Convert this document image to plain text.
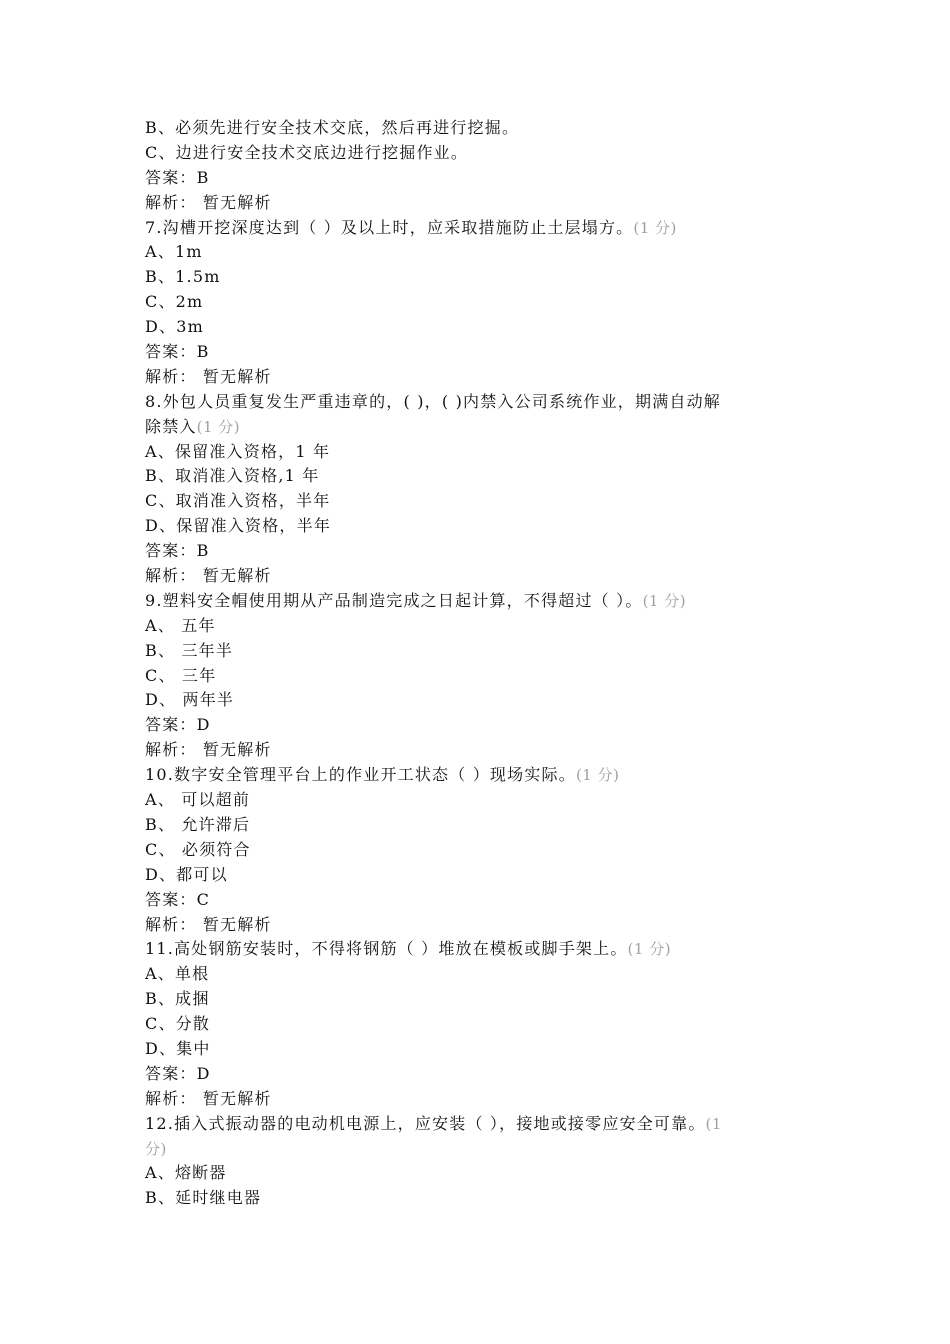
B、必须先进行安全技术交底，然后再进行挖掘。
C、边进行安全技术交底边进行挖掘作业。
答案：B
解析： 暂无解析
7.沟槽开挖深度达到（ ）及以上时，应采取措施防止土层塌方。(1 分)
A、1m
B、1.5m
C、2m
D、3m
答案：B
解析： 暂无解析
8.外包人员重复发生严重违章的，( )，( )内禁入公司系统作业，期满自动解
除禁入(1 分)
A、保留准入资格，1 年
B、取消准入资格,1 年
C、取消准入资格，半年
D、保留准入资格，半年
答案：B
解析： 暂无解析
9.塑料安全帽使用期从产品制造完成之日起计算，不得超过（ ）。(1 分)
A、 五年
B、 三年半
C、 三年
D、 两年半
答案：D
解析： 暂无解析
10.数字安全管理平台上的作业开工状态（ ）现场实际。(1 分)
A、 可以超前
B、 允许滞后
C、 必须符合
D、都可以
答案：C
解析： 暂无解析
11.高处钢筋安装时，不得将钢筋（ ）堆放在模板或脚手架上。(1 分)
A、单根
B、成捆
C、分散
D、集中
答案：D
解析： 暂无解析
12.插入式振动器的电动机电源上，应安装（ ），接地或接零应安全可靠。(1
分)
A、熔断器
B、延时继电器
